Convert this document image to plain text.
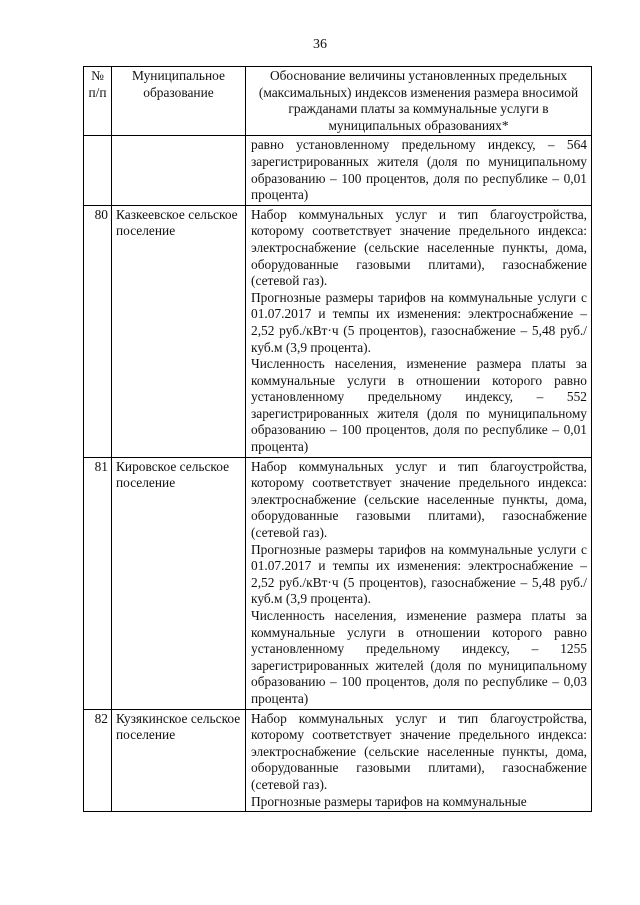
36
№ п/п	Муниципальное образование	Обоснование величины установленных предельных (максимальных) индексов изменения размера вносимой гражданами платы за коммунальные услуги в муниципальных образованиях*

		равно установленному предельному индексу, – 564 зарегистрированных жителя (доля по муниципальному образованию – 100 процентов, доля по республике – 0,01 процента)

80	Казкеевское сельское поселение	Набор коммунальных услуг и тип благоустройства, которому соответствует значение предельного индекса: электроснабжение (сельские населенные пункты, дома, оборудованные газовыми плитами), газоснабжение (сетевой газ).

Прогнозные размеры тарифов на коммунальные услуги с 01.07.2017 и темпы их изменения: электроснабжение – 2,52 руб./кВт·ч (5 процентов), газоснабжение – 5,48 руб./куб.м (3,9 процента).

Численность населения, изменение размера платы за коммунальные услуги в отношении которого равно установленному предельному индексу, – 552 зарегистрированных жителя (доля по муниципальному образованию – 100 процентов, доля по республике – 0,01 процента)

81	Кировское сельское поселение	Набор коммунальных услуг и тип благоустройства, которому соответствует значение предельного индекса: электроснабжение (сельские населенные пункты, дома, оборудованные газовыми плитами), газоснабжение (сетевой газ).

Прогнозные размеры тарифов на коммунальные услуги с 01.07.2017 и темпы их изменения: электроснабжение – 2,52 руб./кВт·ч (5 процентов), газоснабжение – 5,48 руб./куб.м (3,9 процента).

Численность населения, изменение размера платы за коммунальные услуги в отношении которого равно установленному предельному индексу, – 1255 зарегистрированных жителей (доля по муниципальному образованию – 100 процентов, доля по республике – 0,03 процента)

82	Кузякинское сельское поселение	Набор коммунальных услуг и тип благоустройства, которому соответствует значение предельного индекса: электроснабжение (сельские населенные пункты, дома, оборудованные газовыми плитами), газоснабжение (сетевой газ).

Прогнозные размеры тарифов на коммунальные
